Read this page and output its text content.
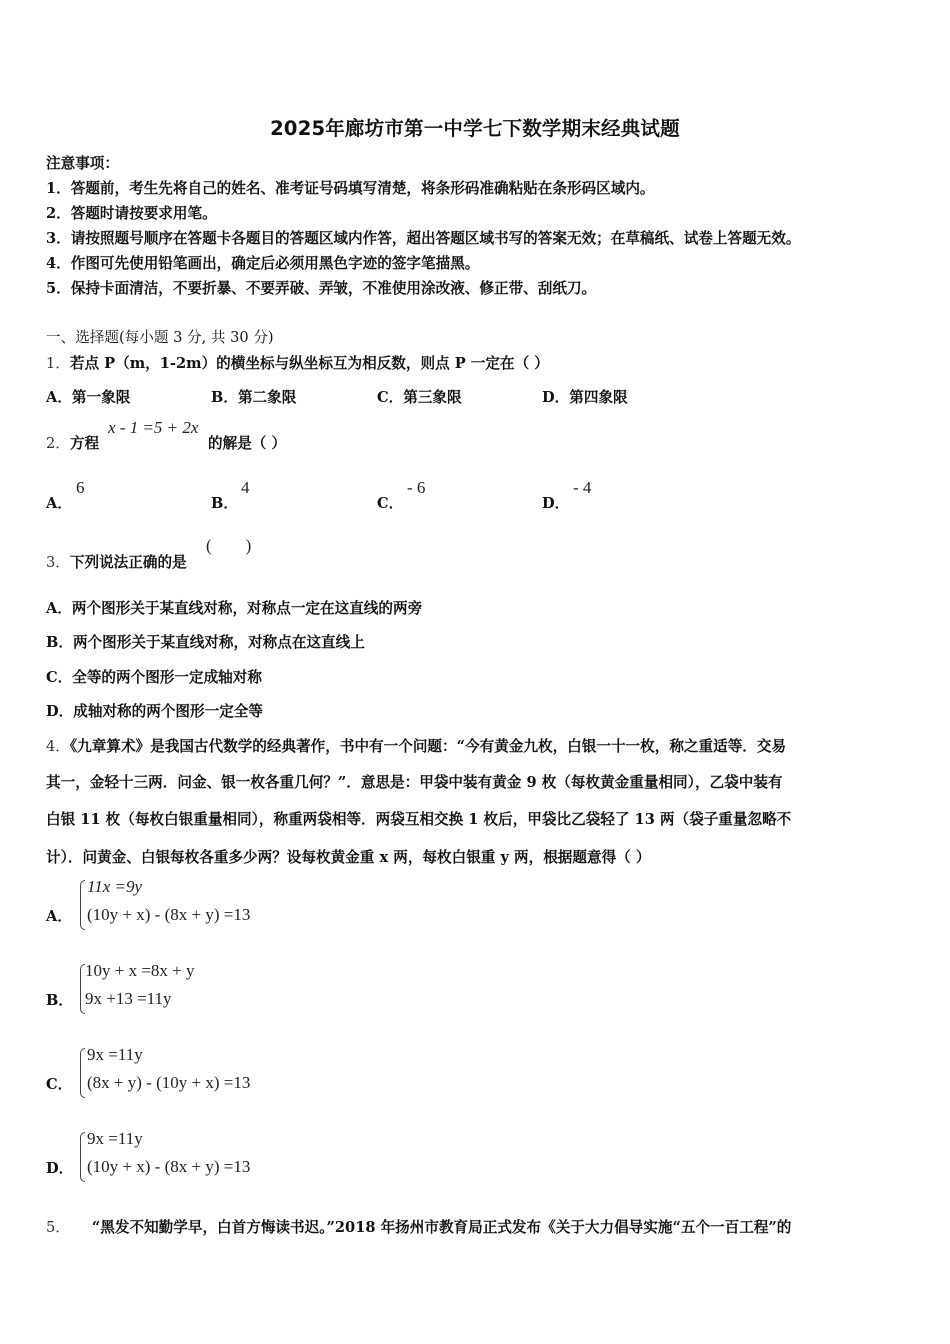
2025年廊坊市第一中学七下数学期末经典试题
注意事项：
1．答题前，考生先将自己的姓名、准考证号码填写清楚，将条形码准确粘贴在条形码区域内。
2．答题时请按要求用笔。
3．请按照题号顺序在答题卡各题目的答题区域内作答，超出答题区域书写的答案无效；在草稿纸、试卷上答题无效。
4．作图可先使用铅笔画出，确定后必须用黑色字迹的签字笔描黑。
5．保持卡面清洁，不要折暴、不要弄破、弄皱，不准使用涂改液、修正带、刮纸刀。
一、选择题(每小题 3 分, 共 30 分)
1．若点 P（m，1-2m）的横坐标与纵坐标互为相反数，则点 P 一定在（ ）
A．第一象限	B．第二象限	C．第三象限	D．第四象限
2．方程
x - 1 =5 + 2x
的解是（ ）
A．
6
B．
4
C．
- 6
D．
- 4
3．下列说法正确的是
(        )
A．两个图形关于某直线对称，对称点一定在这直线的两旁
B．两个图形关于某直线对称，对称点在这直线上
C．全等的两个图形一定成轴对称
D．成轴对称的两个图形一定全等
4．《九章算术》是我国古代数学的经典著作，书中有一个问题：“今有黄金九枚，白银一十一枚，称之重适等．交易
其一，金轻十三两．问金、银一枚各重几何？”．意思是：甲袋中装有黄金 9 枚（每枚黄金重量相同），乙袋中装有
白银 11 枚（每枚白银重量相同），称重两袋相等．两袋互相交换 1 枚后，甲袋比乙袋轻了 13 两（袋子重量忽略不
计）．问黄金、白银每枚各重多少两？设每枚黄金重 x 两，每枚白银重 y 两，根据题意得（ ）
A．
11x =9y
(10y + x) - (8x + y) =13
B．
10y + x =8x + y
9x +13 =11y
C．
9x =11y
(8x + y) - (10y + x) =13
D．
9x =11y
(10y + x) - (8x + y) =13
5． “黑发不知勤学早，白首方悔读书迟。”2018 年扬州市教育局正式发布《关于大力倡导实施“五个一百工程”的
